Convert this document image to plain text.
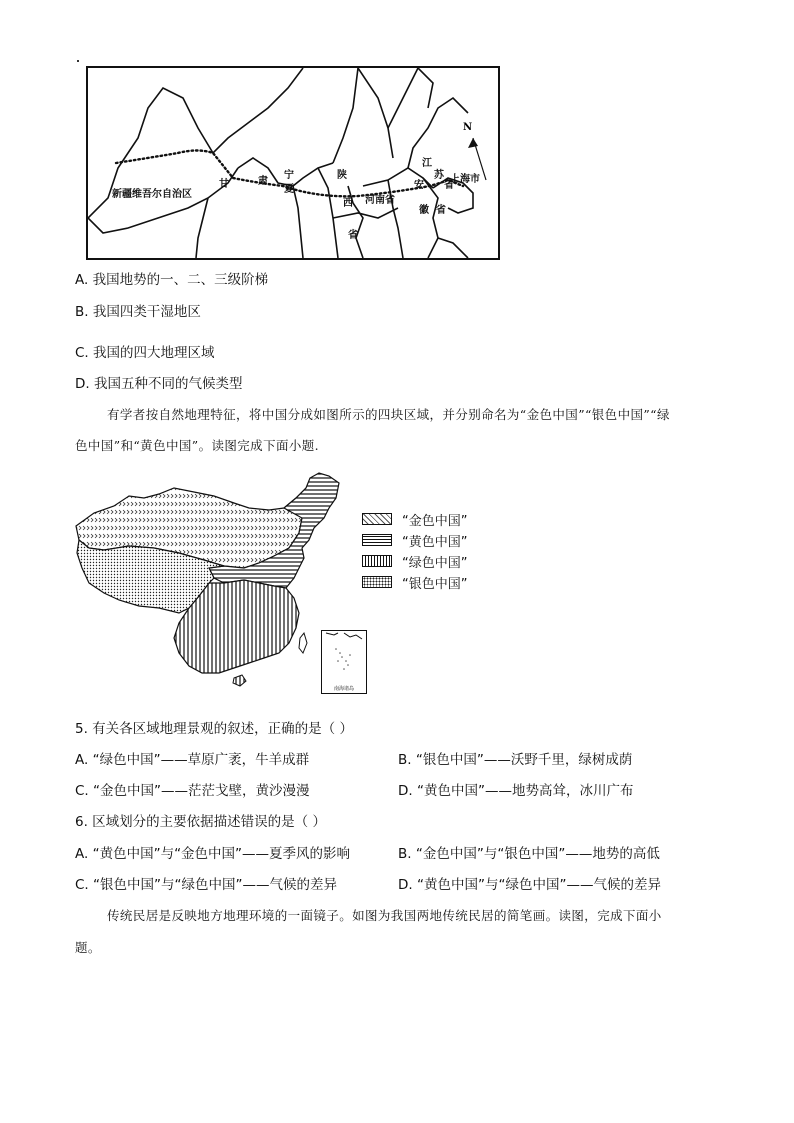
N
新疆维吾尔自治区
甘	肃
宁
夏
陕
西
省
河南省
安
徽 省
江
苏
省
上海市
A. 我国地势的一、二、三级阶梯
B. 我国四类干湿地区
C. 我国的四大地理区域
D. 我国五种不同的气候类型
有学者按自然地理特征，将中国分成如图所示的四块区域，并分别命名为“金色中国”“银色中国”“绿
色中国”和“黄色中国”。读图完成下面小题.
“金色中国”
“黄色中国”
“绿色中国”
“银色中国”
南海诸岛
5. 有关各区域地理景观的叙述，正确的是（ ）
A. “绿色中国”——草原广袤，牛羊成群	B. “银色中国”——沃野千里，绿树成荫
C. “金色中国”——茫茫戈壁，黄沙漫漫	D. “黄色中国”——地势高耸，冰川广布
6. 区域划分的主要依据描述错误的是（ ）
A. “黄色中国”与“金色中国”——夏季风的影响	B. “金色中国”与“银色中国”——地势的高低
C. “银色中国”与“绿色中国”——气候的差异	D. “黄色中国”与“绿色中国”——气候的差异
传统民居是反映地方地理环境的一面镜子。如图为我国两地传统民居的简笔画。读图，完成下面小
题。
